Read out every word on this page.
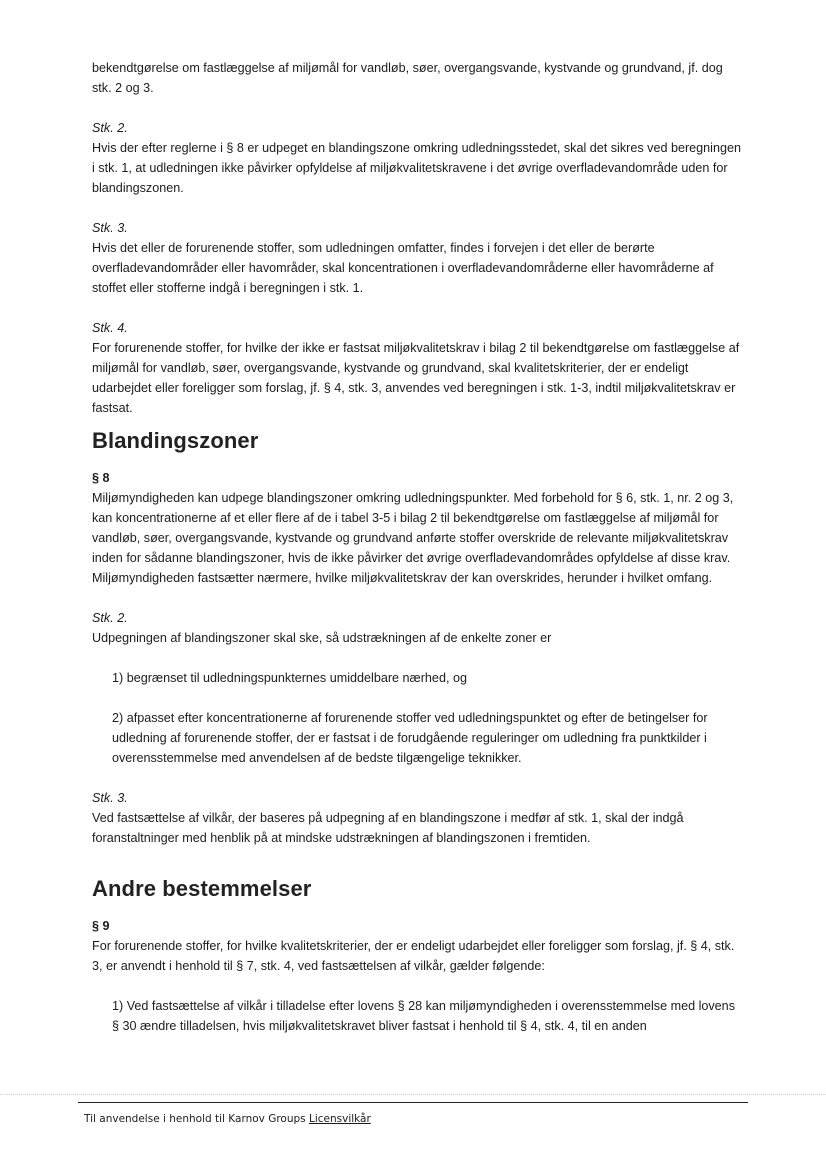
bekendtgørelse om fastlæggelse af miljømål for vandløb, søer, overgangsvande, kystvande og grundvand, jf. dog stk. 2 og 3.

Stk. 2.

Hvis der efter reglerne i § 8 er udpeget en blandingszone omkring udledningsstedet, skal det sikres ved beregningen i stk. 1, at udledningen ikke påvirker opfyldelse af miljøkvalitetskravene i det øvrige overfladevandområde uden for blandingszonen.

Stk. 3.

Hvis det eller de forurenende stoffer, som udledningen omfatter, findes i forvejen i det eller de berørte overfladevandområder eller havområder, skal koncentrationen i overfladevandområderne eller havområderne af stoffet eller stofferne indgå i beregningen i stk. 1.

Stk. 4.

For forurenende stoffer, for hvilke der ikke er fastsat miljøkvalitetskrav i bilag 2 til bekendtgørelse om fastlæggelse af miljømål for vandløb, søer, overgangsvande, kystvande og grundvand, skal kvalitetskriterier, der er endeligt udarbejdet eller foreligger som forslag, jf. § 4, stk. 3, anvendes ved beregningen i stk. 1-3, indtil miljøkvalitetskrav er fastsat.

Blandingszoner

§ 8

Miljømyndigheden kan udpege blandingszoner omkring udledningspunkter. Med forbehold for § 6, stk. 1, nr. 2 og 3, kan koncentrationerne af et eller flere af de i tabel 3-5 i bilag 2 til bekendtgørelse om fastlæggelse af miljømål for vandløb, søer, overgangsvande, kystvande og grundvand anførte stoffer overskride de relevante miljøkvalitetskrav inden for sådanne blandingszoner, hvis de ikke påvirker det øvrige overfladevandområdes opfyldelse af disse krav. Miljømyndigheden fastsætter nærmere, hvilke miljøkvalitetskrav der kan overskrides, herunder i hvilket omfang.

Stk. 2.

Udpegningen af blandingszoner skal ske, så udstrækningen af de enkelte zoner er

1) begrænset til udledningspunkternes umiddelbare nærhed, og

2) afpasset efter koncentrationerne af forurenende stoffer ved udledningspunktet og efter de betingelser for udledning af forurenende stoffer, der er fastsat i de forudgående reguleringer om udledning fra punktkilder i overensstemmelse med anvendelsen af de bedste tilgængelige teknikker.

Stk. 3.

Ved fastsættelse af vilkår, der baseres på udpegning af en blandingszone i medfør af stk. 1, skal der indgå foranstaltninger med henblik på at mindske udstrækningen af blandingszonen i fremtiden.

Andre bestemmelser

§ 9

For forurenende stoffer, for hvilke kvalitetskriterier, der er endeligt udarbejdet eller foreligger som forslag, jf. § 4, stk. 3, er anvendt i henhold til § 7, stk. 4, ved fastsættelsen af vilkår, gælder følgende:

1) Ved fastsættelse af vilkår i tilladelse efter lovens § 28 kan miljømyndigheden i overensstemmelse med lovens § 30 ændre tilladelsen, hvis miljøkvalitetskravet bliver fastsat i henhold til § 4, stk. 4, til en anden

Til anvendelse i henhold til Karnov Groups Licensvilkår
